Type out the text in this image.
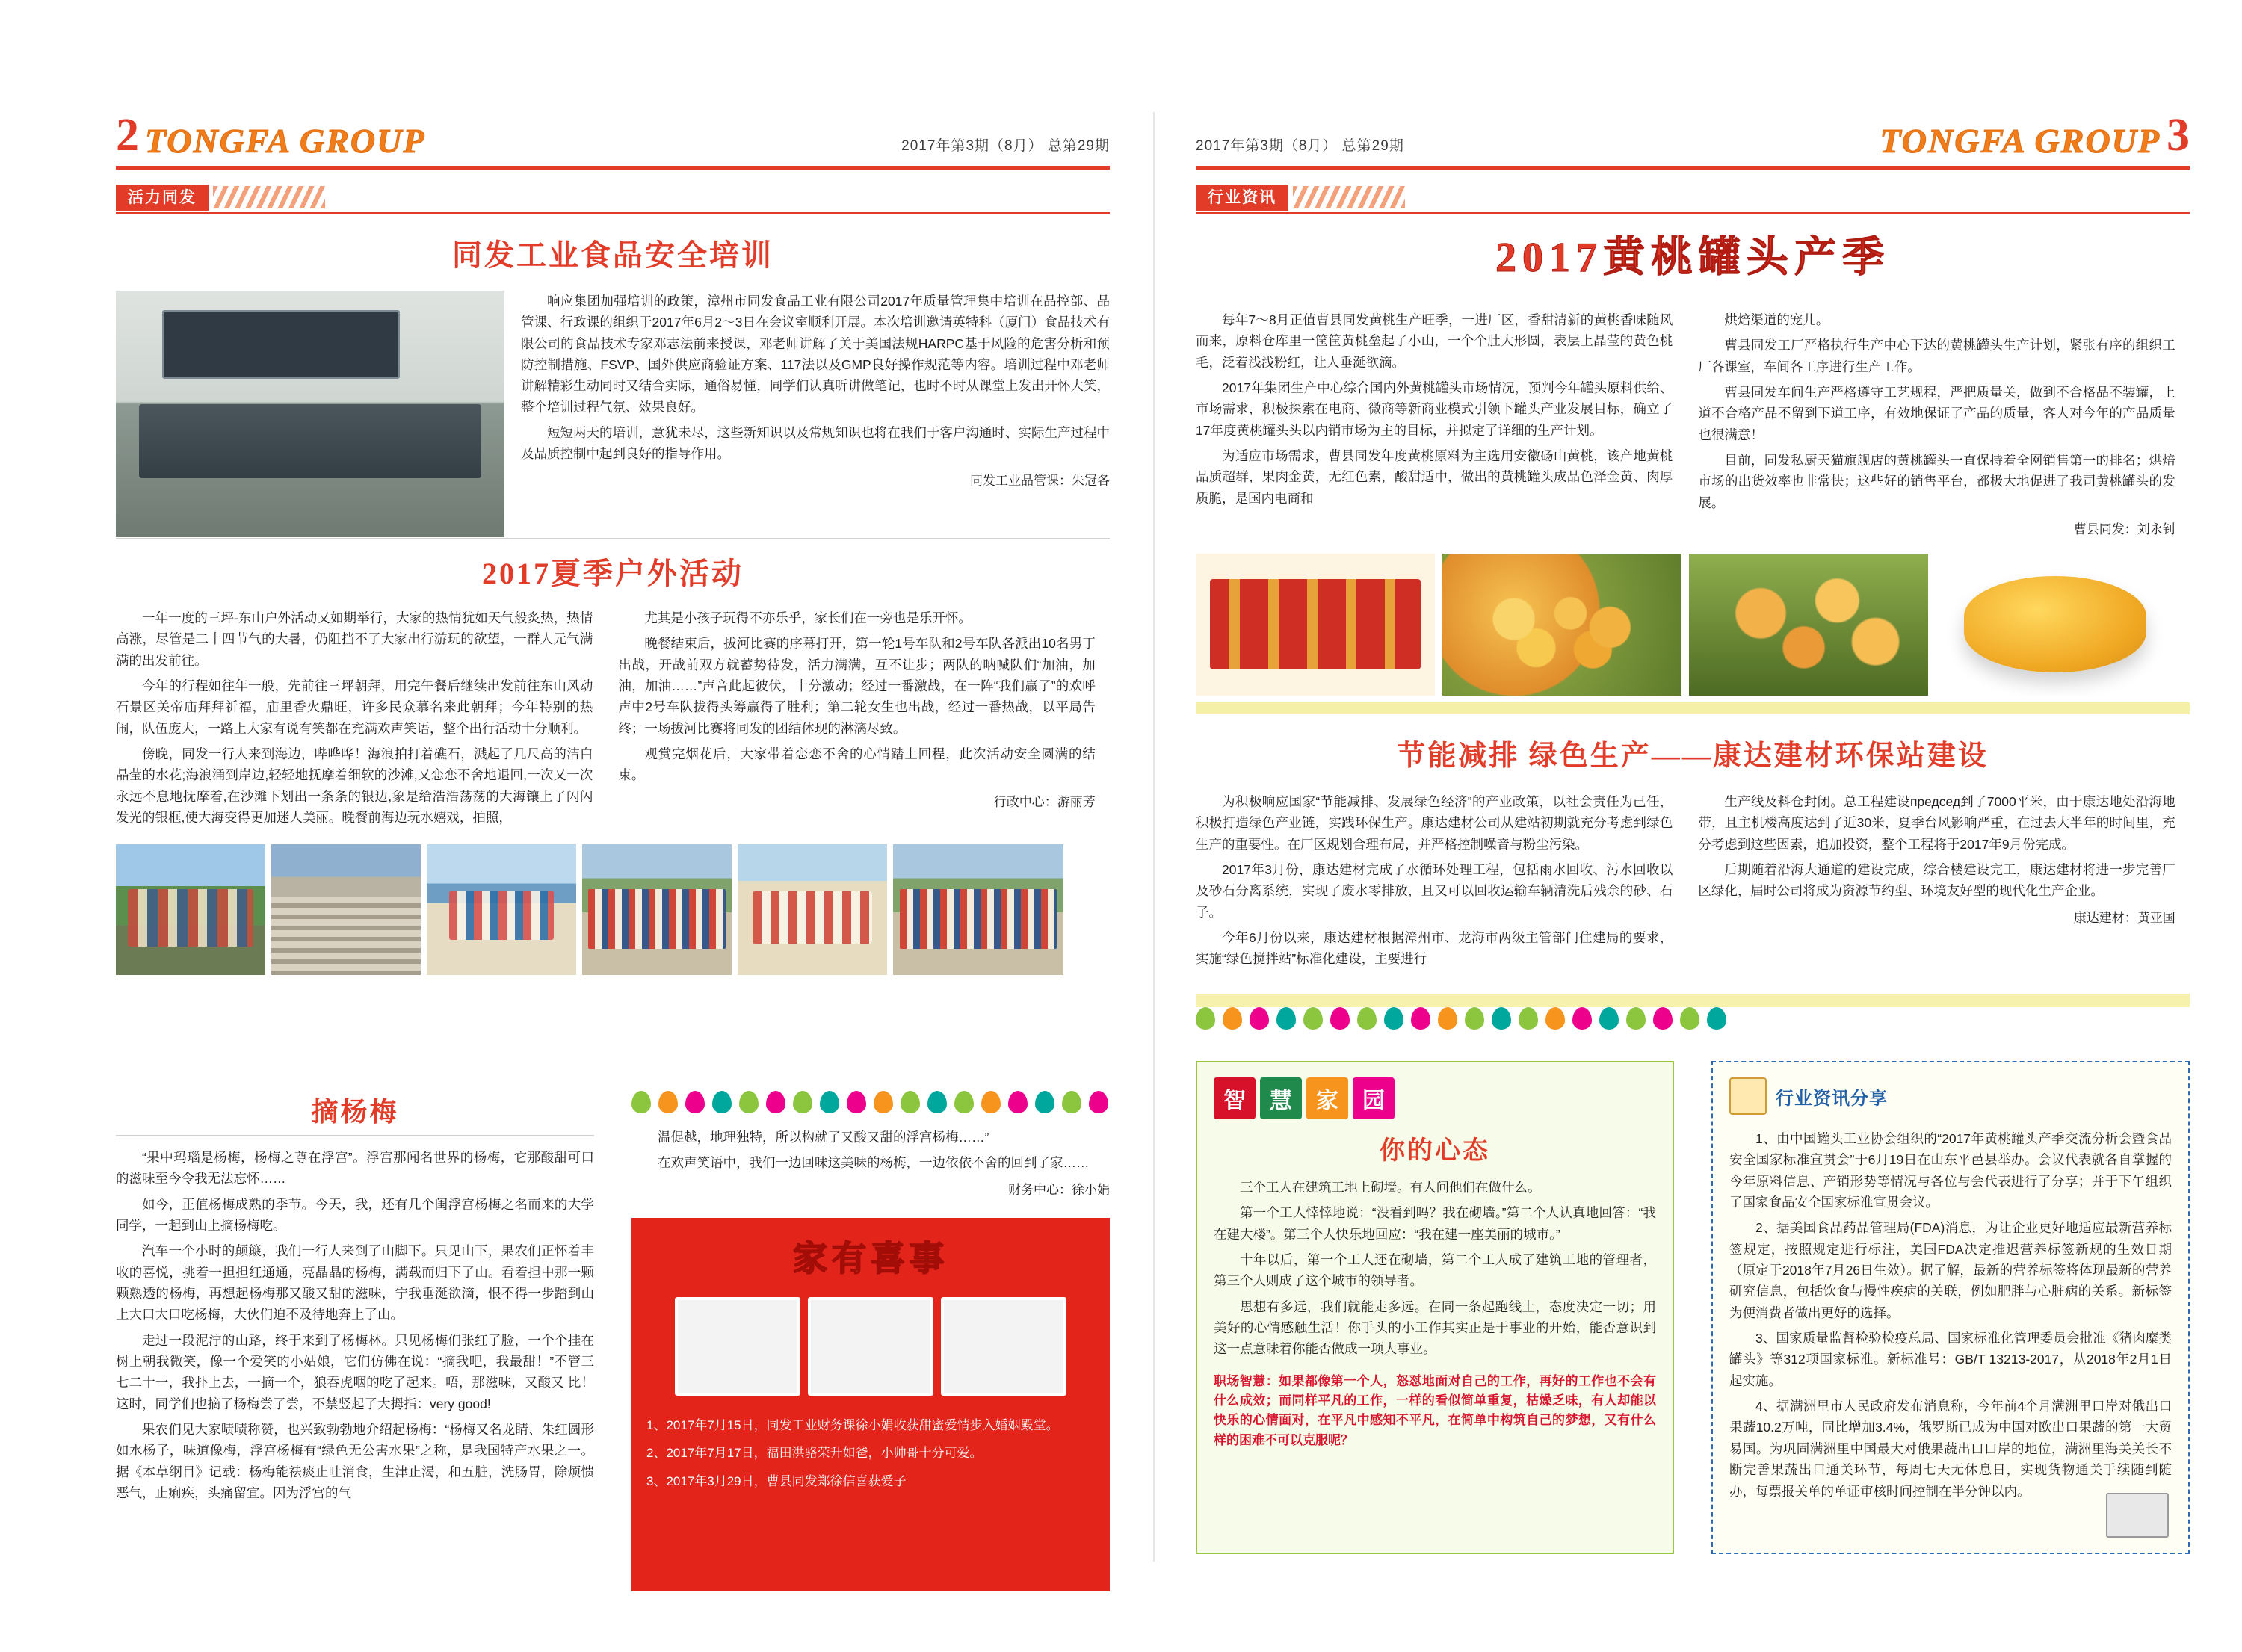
2 TONGFA GROUP	2017年第3期（8月） 总第29期
活力同发
同发工业食品安全培训

响应集团加强培训的政策，漳州市同发食品工业有限公司2017年质量管理集中培训在品控部、品管课、行政课的组织于2017年6月2～3日在会议室顺利开展。本次培训邀请英特科（厦门）食品技术有限公司的食品技术专家邓志法前来授课，邓老师讲解了关于美国法规HARPC基于风险的危害分析和预防控制措施、FSVP、国外供应商验证方案、117法以及GMP良好操作规范等内容。培训过程中邓老师讲解精彩生动同时又结合实际，通俗易懂，同学们认真听讲做笔记，也时不时从课堂上发出开怀大笑，整个培训过程气氛、效果良好。

短短两天的培训，意犹未尽，这些新知识以及常规知识也将在我们于客户沟通时、实际生产过程中及品质控制中起到良好的指导作用。

同发工业品管课：朱冠各
2017夏季户外活动

一年一度的三坪-东山户外活动又如期举行，大家的热情犹如天气般炙热，热情高涨，尽管是二十四节气的大暑，仍阻挡不了大家出行游玩的欲望，一群人元气满满的出发前往。

今年的行程如往年一般，先前往三坪朝拜，用完午餐后继续出发前往东山风动石景区关帝庙拜拜祈福，庙里香火鼎旺，许多民众慕名来此朝拜；今年特别的热闹，队伍庞大，一路上大家有说有笑都在充满欢声笑语，整个出行活动十分顺利。

傍晚，同发一行人来到海边，哔哗哗！海浪拍打着礁石，溅起了几尺高的洁白晶莹的水花;海浪涌到岸边,轻轻地抚摩着细软的沙滩,又恋恋不舍地退回,一次又一次永远不息地抚摩着,在沙滩下划出一条条的银边,象是给浩浩荡荡的大海镶上了闪闪发光的银框,使大海变得更加迷人美丽。晚餐前海边玩水嬉戏，拍照，

尤其是小孩子玩得不亦乐乎，家长们在一旁也是乐开怀。

晚餐结束后，拔河比赛的序幕打开，第一轮1号车队和2号车队各派出10名男丁出战，开战前双方就蓄势待发，活力满满，互不让步；两队的呐喊队们“加油，加油，加油……”声音此起彼伏，十分激动；经过一番激战，在一阵“我们赢了”的欢呼声中2号车队拔得头筹赢得了胜利；第二轮女生也出战，经过一番热战，以平局告终；一场拔河比赛将同发的团结体现的淋漓尽致。

观赏完烟花后，大家带着恋恋不舍的心情踏上回程，此次活动安全圆满的结束。

行政中心：游丽芳
摘杨梅

“果中玛瑙是杨梅，杨梅之尊在浮宫”。浮宫那闻名世界的杨梅，它那酸甜可口的滋味至今令我无法忘怀……

如今，正值杨梅成熟的季节。今天，我，还有几个闺浮宫杨梅之名而来的大学同学，一起到山上摘杨梅吃。

汽车一个小时的颠簸，我们一行人来到了山脚下。只见山下，果农们正怀着丰收的喜悦，挑着一担担红通通，亮晶晶的杨梅，满载而归下了山。看着担中那一颗颗熟透的杨梅，再想起杨梅那又酸又甜的滋味，宁我垂涎欲滴，恨不得一步踏到山上大口大口吃杨梅，大伙们迫不及待地奔上了山。

走过一段泥泞的山路，终于来到了杨梅林。只见杨梅们张红了脸，一个个挂在树上朝我微笑，像一个爱笑的小姑娘，它们仿佛在说：“摘我吧，我最甜！”不管三七二十一，我扑上去，一摘一个，狼吞虎咽的吃了起来。唔，那滋味，又酸又 比！这时，同学们也摘了杨梅尝了尝，不禁竖起了大拇指：very good!

果农们见大家啧啧称赞，也兴致勃勃地介绍起杨梅：“杨梅又名龙睛、朱红圆形如水杨子，味道像梅，浮宫杨梅有“绿色无公害水果”之称，是我国特产水果之一。据《本草纲目》记载：杨梅能祛痰止吐消食，生津止渴，和五脏，洗肠胃，除烦愦恶气，止痢疾，头痛留宜。因为浮宫的气

温促越，地理独特，所以构就了又酸又甜的浮宫杨梅……”

在欢声笑语中，我们一边回味这美味的杨梅，一边依依不舍的回到了家……

财务中心：徐小娟
家有喜事
1、2017年7月15日，同发工业财务课徐小娟收获甜蜜爱情步入婚姻殿堂。
2、2017年7月17日，福田洪骆荣升如爸，小帅哥十分可爱。
3、2017年3月29日，曹县同发郑徐信喜获爱子
2017年第3期（8月） 总第29期	TONGFA GROUP 3
行业资讯
2017黄桃罐头产季

每年7～8月正值曹县同发黄桃生产旺季，一进厂区，香甜清新的黄桃香味随风而来，原料仓库里一筐筐黄桃垒起了小山，一个个肚大形圆，表层上晶莹的黄色桃毛，泛着浅浅粉红，让人垂涎欲滴。

2017年集团生产中心综合国内外黄桃罐头市场情况，预判今年罐头原料供给、市场需求，积极探索在电商、微商等新商业模式引领下罐头产业发展目标，确立了17年度黄桃罐头头以内销市场为主的目标，并拟定了详细的生产计划。

为适应市场需求，曹县同发年度黄桃原料为主选用安徽砀山黄桃，该产地黄桃品质超群，果肉金黄，无红色素，酸甜适中，做出的黄桃罐头成品色泽金黄、肉厚质脆，是国内电商和

烘焙渠道的宠儿。

曹县同发工厂严格执行生产中心下达的黄桃罐头生产计划，紧张有序的组织工厂各课室，车间各工序进行生产工作。

曹县同发车间生产严格遵守工艺规程，严把质量关，做到不合格品不装罐，上道不合格产品不留到下道工序，有效地保证了产品的质量，客人对今年的产品质量也很满意！

目前，同发私厨天猫旗舰店的黄桃罐头一直保持着全网销售第一的排名；烘焙市场的出货效率也非常快；这些好的销售平台，都极大地促进了我司黄桃罐头的发展。

曹县同发：刘永钊
节能减排 绿色生产——康达建材环保站建设

为积极响应国家“节能减排、发展绿色经济”的产业政策，以社会责任为己任，积极打造绿色产业链，实践环保生产。康达建材公司从建站初期就充分考虑到绿色生产的重要性。在厂区规划合理布局，并严格控制噪音与粉尘污染。

2017年3月份，康达建材完成了水循环处理工程，包括雨水回收、污水回收以及砂石分离系统，实现了废水零排放，且又可以回收运输车辆清洗后残余的砂、石子。

今年6月份以来，康达建材根据漳州市、龙海市两级主管部门住建局的要求，实施“绿色搅拌站”标准化建设，主要进行

生产线及料仓封闭。总工程建设председ到了7000平米，由于康达地处沿海地带，且主机楼高度达到了近30米，夏季台风影响严重，在过去大半年的时间里，充分考虑到这些因素，追加投资，整个工程将于2017年9月份完成。

后期随着沿海大通道的建设完成，综合楼建设完工，康达建材将进一步完善厂区绿化，届时公司将成为资源节约型、环境友好型的现代化生产企业。

康达建材：黄亚国
智	慧	家	园
你的心态

三个工人在建筑工地上砌墙。有人问他们在做什么。

第一个工人悻悻地说：“没看到吗？我在砌墙。”第二个人认真地回答：“我在建大楼”。第三个人快乐地回应：“我在建一座美丽的城市。”

十年以后，第一个工人还在砌墙，第二个工人成了建筑工地的管理者，第三个人则成了这个城市的领导者。

思想有多远，我们就能走多远。在同一条起跑线上，态度决定一切；用美好的心情感触生活！你手头的小工作其实正是于事业的开始，能否意识到这一点意味着你能否做成一项大事业。

职场智慧：如果都像第一个人，怒怼地面对自己的工作，再好的工作也不会有什么成效；而同样平凡的工作，一样的看似简单重复，枯燥乏味，有人却能以快乐的心情面对，在平凡中感知不平凡，在简单中构筑自己的梦想，又有什么样的困难不可以克服呢？
行业资讯分享

1、由中国罐头工业协会组织的“2017年黄桃罐头产季交流分析会暨食品安全国家标准宣贯会”于6月19日在山东平邑县举办。会议代表就各自掌握的今年原料信息、产销形势等情况与各位与会代表进行了分享；并于下午组织了国家食品安全国家标准宣贯会议。

2、据美国食品药品管理局(FDA)消息，为让企业更好地适应最新营养标签规定，按照规定进行标注，美国FDA决定推迟营养标签新规的生效日期（原定于2018年7月26日生效）。据了解，最新的营养标签将体现最新的营养研究信息，包括饮食与慢性疾病的关联，例如肥胖与心脏病的关系。新标签为便消费者做出更好的选择。

3、国家质量监督检验检疫总局、国家标准化管理委员会批准《猪肉糜类罐头》等312项国家标准。新标准号：GB/T 13213-2017，从2018年2月1日起实施。

4、据满洲里市人民政府发布消息称，今年前4个月满洲里口岸对俄出口果蔬10.2万吨，同比增加3.4%，俄罗斯已成为中国对欧出口果蔬的第一大贸易国。为巩固满洲里中国最大对俄果蔬出口口岸的地位，满洲里海关关长不断完善果蔬出口通关环节，每周七天无休息日，实现货物通关手续随到随办，每票报关单的单证审核时间控制在半分钟以内。
